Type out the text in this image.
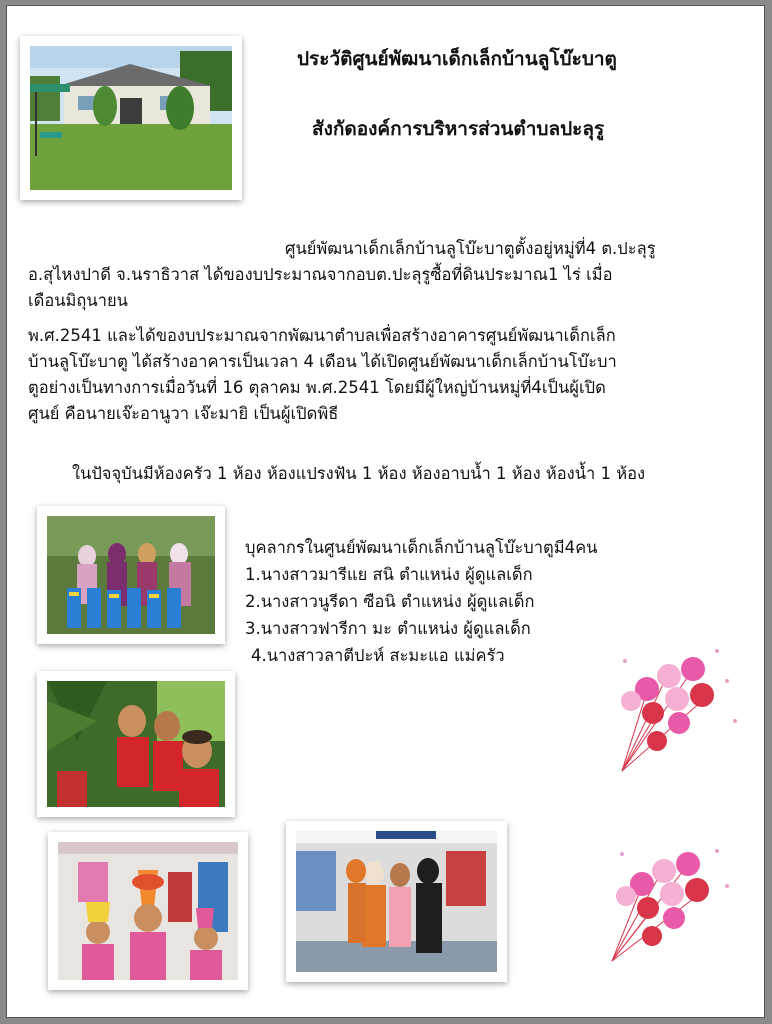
ประวัติศูนย์พัฒนาเด็กเล็กบ้านลูโบ๊ะบาตู
สังกัดองค์การบริหารส่วนตำบลปะลุรู

ศูนย์พัฒนาเด็กเล็กบ้านลูโบ๊ะบาตูตั้งอยู่หมู่ที่4 ต.ปะลุรู

อ.สุไหงปาดี จ.นราธิวาส ได้ของบประมาณจากอบต.ปะลุรูซื้อที่ดินประมาณ1 ไร่ เมื่อ

เดือนมิถุนายน

พ.ศ.2541 และได้ของบประมาณจากพัฒนาตำบลเพื่อสร้างอาคารศูนย์พัฒนาเด็กเล็ก

บ้านลูโบ๊ะบาตู ได้สร้างอาคารเป็นเวลา 4 เดือน ได้เปิดศูนย์พัฒนาเด็กเล็กบ้านโบ๊ะบา

ตูอย่างเป็นทางการเมื่อวันที่ 16 ตุลาคม พ.ศ.2541 โดยมีผู้ใหญ่บ้านหมู่ที่4เป็นผู้เปิด

ศูนย์ คือนายเจ๊ะอานูวา เจ๊ะมายิ เป็นผู้เปิดพิธี

ในปัจจุบันมีห้องครัว 1 ห้อง ห้องแปรงฟัน 1 ห้อง ห้องอาบน้ำ 1 ห้อง ห้องน้ำ 1 ห้อง

บุคลากรในศูนย์พัฒนาเด็กเล็กบ้านลูโบ๊ะบาตูมี4คน
1.นางสาวมารีแย สนิ ตำแหน่ง ผู้ดูแลเด็ก
2.นางสาวนูรีดา ซือนิ ตำแหน่ง ผู้ดูแลเด็ก
3.นางสาวฟารีกา มะ ตำแหน่ง ผู้ดูแลเด็ก
4.นางสาวลาตีปะห์ สะมะแอ แม่ครัว
